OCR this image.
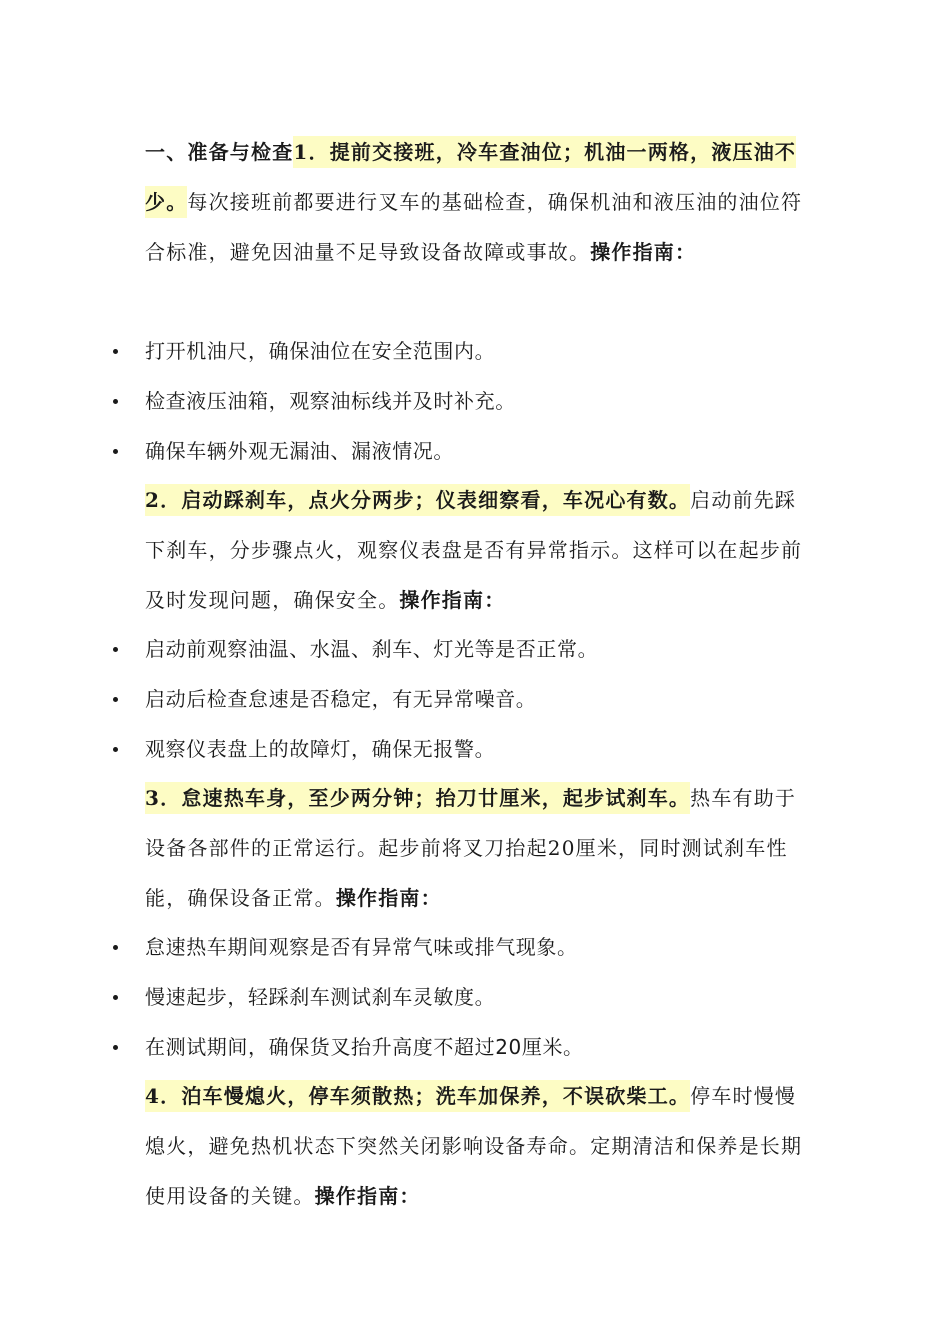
一、准备与检查1．提前交接班，冷车查油位；机油一两格，液压油不少。每次接班前都要进行叉车的基础检查，确保机油和液压油的油位符合标准，避免因油量不足导致设备故障或事故。操作指南：

打开机油尺，确保油位在安全范围内。
检查液压油箱，观察油标线并及时补充。
确保车辆外观无漏油、漏液情况。

2．启动踩刹车，点火分两步；仪表细察看，车况心有数。启动前先踩下刹车，分步骤点火，观察仪表盘是否有异常指示。这样可以在起步前及时发现问题，确保安全。操作指南：

启动前观察油温、水温、刹车、灯光等是否正常。
启动后检查怠速是否稳定，有无异常噪音。
观察仪表盘上的故障灯，确保无报警。

3．怠速热车身，至少两分钟；抬刀廿厘米，起步试刹车。热车有助于设备各部件的正常运行。起步前将叉刀抬起20厘米，同时测试刹车性能，确保设备正常。操作指南：

怠速热车期间观察是否有异常气味或排气现象。
慢速起步，轻踩刹车测试刹车灵敏度。
在测试期间，确保货叉抬升高度不超过20厘米。

4．泊车慢熄火，停车须散热；洗车加保养，不误砍柴工。停车时慢慢熄火，避免热机状态下突然关闭影响设备寿命。定期清洁和保养是长期使用设备的关键。操作指南：
